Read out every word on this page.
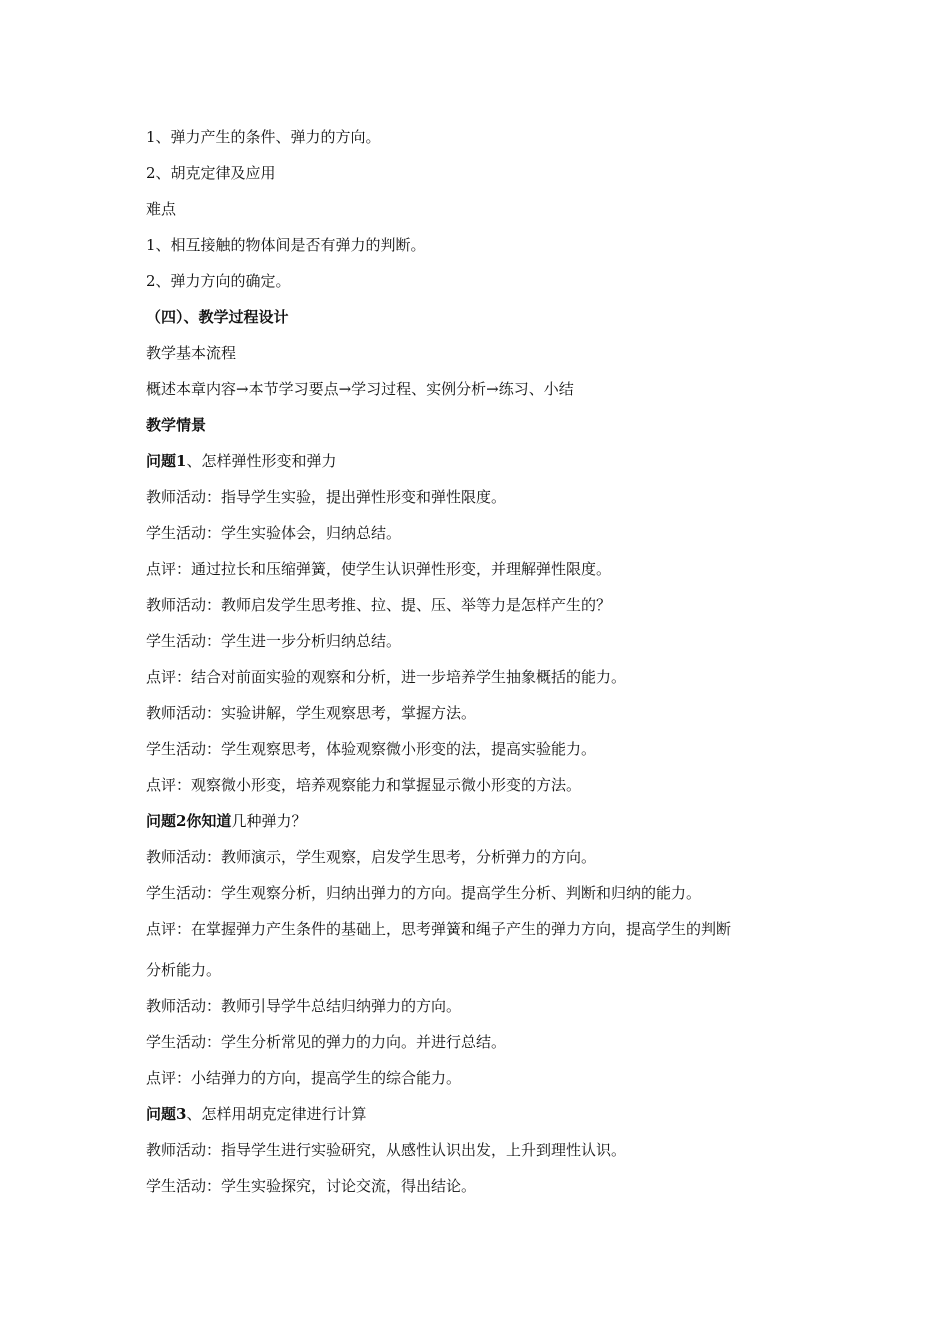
1、弹力产生的条件、弹力的方向。
2、胡克定律及应用
难点
1、相互接触的物体间是否有弹力的判断。
2、弹力方向的确定。
（四）、教学过程设计
教学基本流程
概述本章内容→本节学习要点→学习过程、实例分析→练习、小结
教学情景
问题1、怎样弹性形变和弹力
教师活动：指导学生实验，提出弹性形变和弹性限度。
学生活动：学生实验体会，归纳总结。
点评：通过拉长和压缩弹簧，使学生认识弹性形变，并理解弹性限度。
教师活动：教师启发学生思考推、拉、提、压、举等力是怎样产生的？
学生活动：学生进一步分析归纳总结。
点评：结合对前面实验的观察和分析，进一步培养学生抽象概括的能力。
教师活动：实验讲解，学生观察思考，掌握方法。
学生活动：学生观察思考，体验观察微小形变的法，提高实验能力。
点评：观察微小形变，培养观察能力和掌握显示微小形变的方法。
问题2你知道几种弹力？
教师活动：教师演示，学生观察，启发学生思考，分析弹力的方向。
学生活动：学生观察分析，归纳出弹力的方向。提高学生分析、判断和归纳的能力。
点评：在掌握弹力产生条件的基础上，思考弹簧和绳子产生的弹力方向，提高学生的判断
分析能力。
教师活动：教师引导学牛总结归纳弹力的方向。
学生活动：学生分析常见的弹力的力向。并进行总结。
点评：小结弹力的方向，提高学生的综合能力。
问题3、怎样用胡克定律进行计算
教师活动：指导学生进行实验研究，从感性认识出发，上升到理性认识。
学生活动：学生实验探究，讨论交流，得出结论。
